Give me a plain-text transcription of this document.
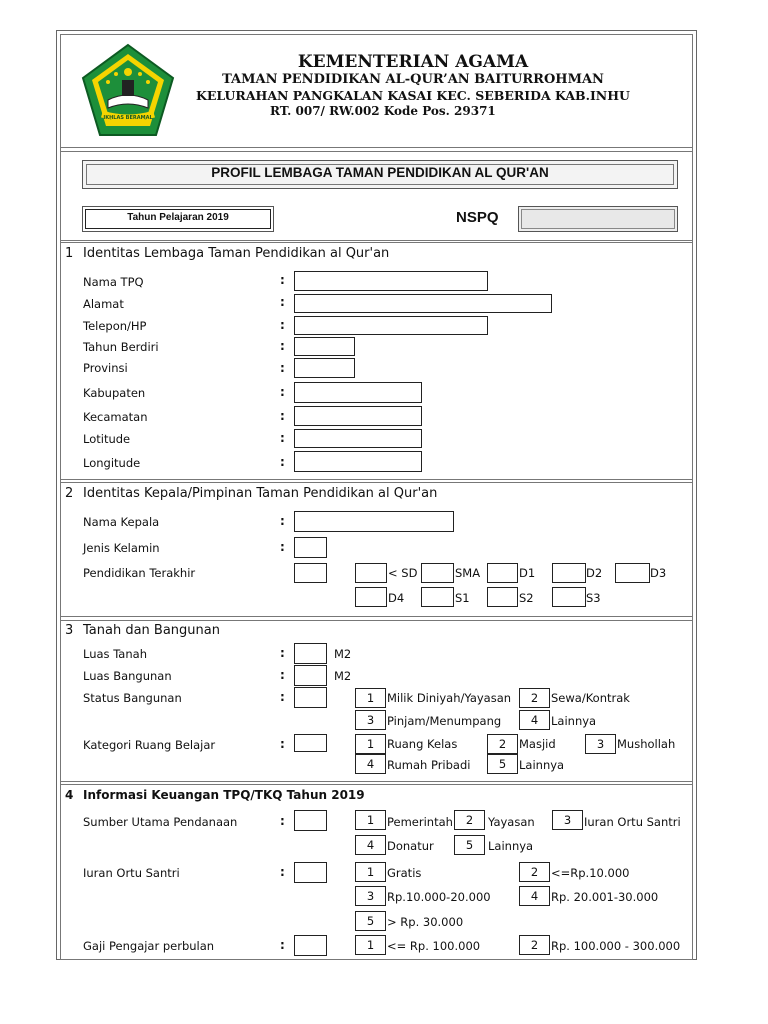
IKHLAS BERAMAL
KEMENTERIAN AGAMA
TAMAN PENDIDIKAN AL-QUR’AN BAITURROHMAN
KELURAHAN PANGKALAN KASAI KEC. SEBERIDA KAB.INHU
RT. 007/ RW.002 Kode Pos. 29371
PROFIL LEMBAGA TAMAN PENDIDIKAN AL QUR'AN
Tahun Pelajaran 2019	NSPQ
1 Identitas Lembaga Taman Pendidikan al Qur'an
Nama TPQ	:
Alamat	:
Telepon/HP	:
Tahun Berdiri	:
Provinsi	:
Kabupaten	:
Kecamatan	:
Lotitude	:
Longitude	:
2 Identitas Kepala/Pimpinan Taman Pendidikan al Qur'an
Nama Kepala	:
Jenis Kelamin	:
Pendidikan Terakhir	< SD	SMA	D1	D2	D3
D4	S1	S2	S3
3 Tanah dan Bangunan
Luas Tanah	:	M2
Luas Bangunan	:	M2
Status Bangunan	:	1	Milik Diniyah/Yayasan	2	Sewa/Kontrak
3	Pinjam/Menumpang	4	Lainnya
Kategori Ruang Belajar	:	1	Ruang Kelas	2	Masjid	3	Mushollah
4	Rumah Pribadi	5	Lainnya
4 Informasi Keuangan TPQ/TKQ Tahun 2019
Sumber Utama Pendanaan	:	1	Pemerintah	2	Yayasan	3	Iuran Ortu Santri
4	Donatur	5	Lainnya
Iuran Ortu Santri	:	1	Gratis	2	<=Rp.10.000
3	Rp.10.000-20.000	4	Rp. 20.001-30.000
5	> Rp. 30.000
Gaji Pengajar perbulan	:	1	<= Rp. 100.000	2	Rp. 100.000 - 300.000
